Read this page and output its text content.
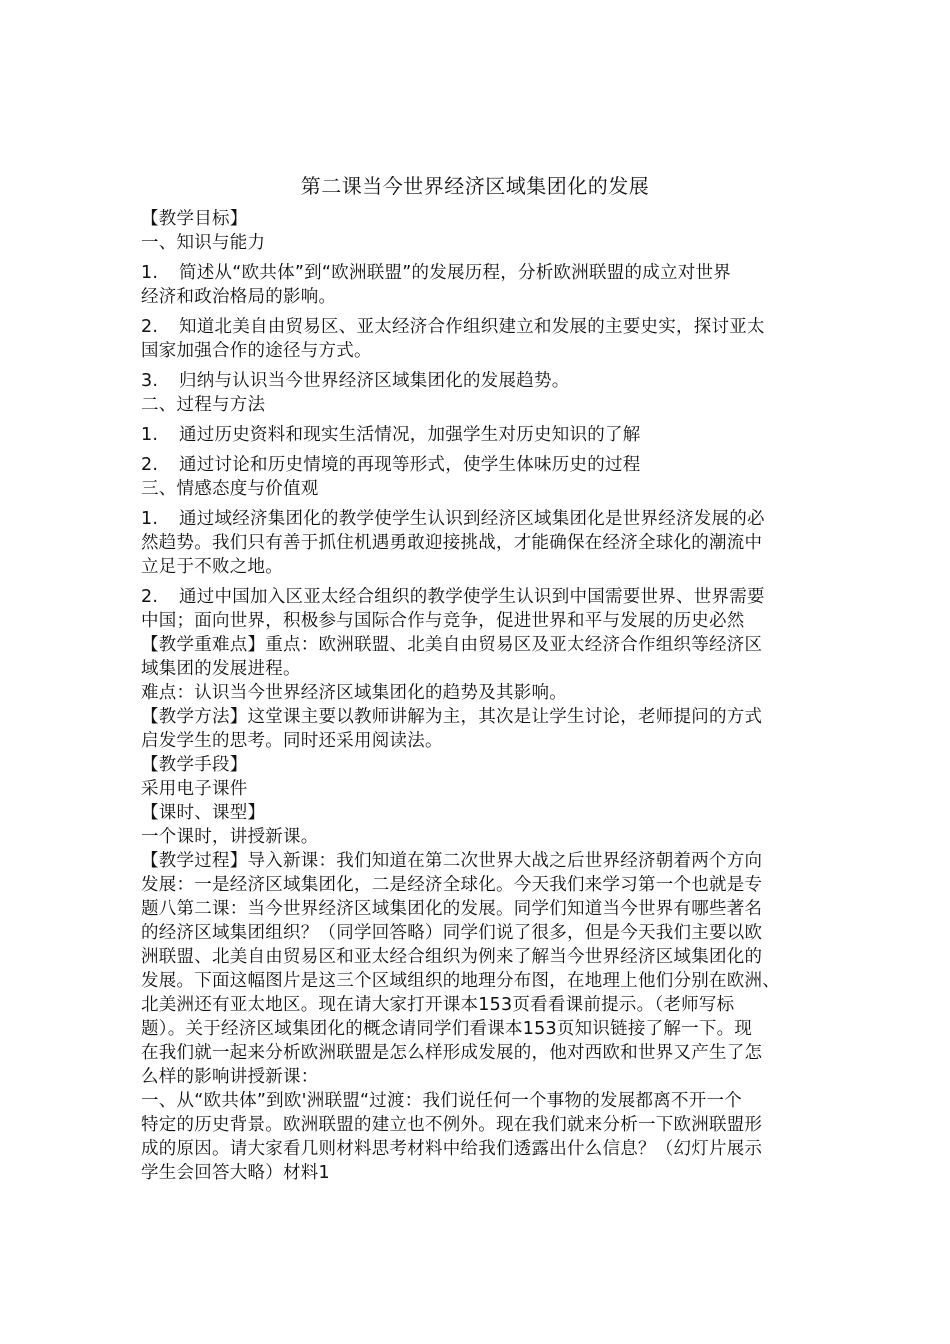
第二课当今世界经济区域集团化的发展
【教学目标】
一、知识与能力
1. 简述从“欧共体”到“欧洲联盟”的发展历程，分析欧洲联盟的成立对世界
经济和政治格局的影响。
2. 知道北美自由贸易区、亚太经济合作组织建立和发展的主要史实，探讨亚太
国家加强合作的途径与方式。
3. 归纳与认识当今世界经济区域集团化的发展趋势。
二、过程与方法
1. 通过历史资料和现实生活情况，加强学生对历史知识的了解
2. 通过讨论和历史情境的再现等形式，使学生体味历史的过程
三、情感态度与价值观
1. 通过域经济集团化的教学使学生认识到经济区域集团化是世界经济发展的必
然趋势。我们只有善于抓住机遇勇敢迎接挑战，才能确保在经济全球化的潮流中
立足于不败之地。
2. 通过中国加入区亚太经合组织的教学使学生认识到中国需要世界、世界需要
中国；面向世界，积极参与国际合作与竞争，促进世界和平与发展的历史必然
【教学重难点】重点：欧洲联盟、北美自由贸易区及亚太经济合作组织等经济区
域集团的发展进程。
难点：认识当今世界经济区域集团化的趋势及其影响。
【教学方法】这堂课主要以教师讲解为主，其次是让学生讨论，老师提问的方式
启发学生的思考。同时还采用阅读法。
【教学手段】
采用电子课件
【课时、课型】
一个课时，讲授新课。
【教学过程】导入新课：我们知道在第二次世界大战之后世界经济朝着两个方向
发展：一是经济区域集团化，二是经济全球化。今天我们来学习第一个也就是专
题八第二课：当今世界经济区域集团化的发展。同学们知道当今世界有哪些著名
的经济区域集团组织？（同学回答略）同学们说了很多，但是今天我们主要以欧
洲联盟、北美自由贸易区和亚太经合组织为例来了解当今世界经济区域集团化的
发展。下面这幅图片是这三个区域组织的地理分布图，在地理上他们分别在欧洲、
北美洲还有亚太地区。现在请大家打开课本153页看看课前提示。（老师写标
题）。关于经济区域集团化的概念请同学们看课本153页知识链接了解一下。现
在我们就一起来分析欧洲联盟是怎么样形成发展的，他对西欧和世界又产生了怎
么样的影响讲授新课：
一、从“欧共体”到欧'洲联盟“过渡：我们说任何一个事物的发展都离不开一个
特定的历史背景。欧洲联盟的建立也不例外。现在我们就来分析一下欧洲联盟形
成的原因。请大家看几则材料思考材料中给我们透露出什么信息？（幻灯片展示
学生会回答大略）材料1
